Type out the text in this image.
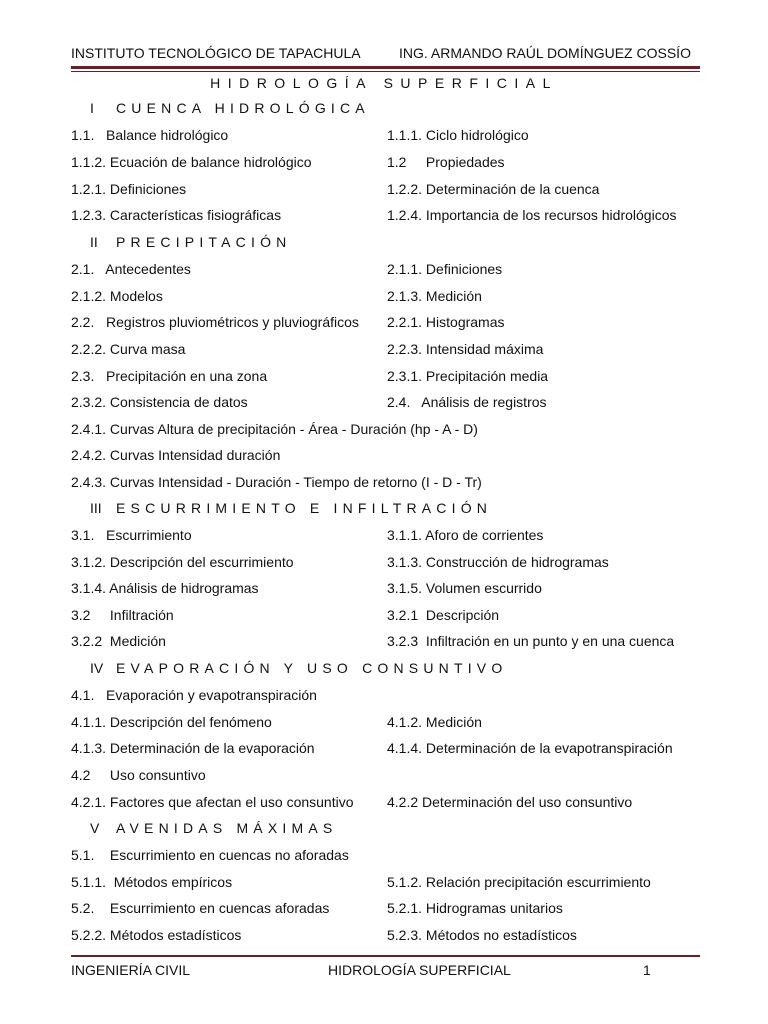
INSTITUTO TECNOLÓGICO DE TAPACHULA	ING. ARMANDO RAÚL DOMÍNGUEZ COSSÍO
HIDROLOGÍA SUPERFICIAL
I CUENCA HIDROLÓGICA
1.1.   Balance hidrológico	1.1.1. Ciclo hidrológico
1.1.2. Ecuación de balance hidrológico	1.2     Propiedades
1.2.1. Definiciones	1.2.2. Determinación de la cuenca
1.2.3. Características fisiográficas	1.2.4. Importancia de los recursos hidrológicos
II PRECIPITACIÓN
2.1.   Antecedentes	2.1.1. Definiciones
2.1.2. Modelos	2.1.3. Medición
2.2.   Registros pluviométricos y pluviográficos 2.2.1. Histogramas
2.2.2. Curva masa	2.2.3. Intensidad máxima
2.3.   Precipitación en una zona	2.3.1. Precipitación media
2.3.2. Consistencia de datos	2.4.   Análisis de registros
2.4.1. Curvas Altura de precipitación - Área - Duración (hp - A - D)
2.4.2. Curvas Intensidad duración
2.4.3. Curvas Intensidad - Duración - Tiempo de retorno (I - D - Tr)
III ESCURRIMIENTO E INFILTRACIÓN
3.1.   Escurrimiento	3.1.1. Aforo de corrientes
3.1.2. Descripción del escurrimiento	3.1.3. Construcción de hidrogramas
3.1.4. Análisis de hidrogramas	3.1.5. Volumen escurrido
3.2     Infiltración	3.2.1  Descripción
3.2.2  Medición	3.2.3  Infiltración en un punto y en una cuenca
IV EVAPORACIÓN Y USO CONSUNTIVO
4.1.   Evaporación y evapotranspiración
4.1.1. Descripción del fenómeno	4.1.2. Medición
4.1.3. Determinación de la evaporación	4.1.4. Determinación de la evapotranspiración
4.2     Uso consuntivo
4.2.1. Factores que afectan el uso consuntivo 4.2.2 Determinación del uso consuntivo
V AVENIDAS MÁXIMAS
5.1.    Escurrimiento en cuencas no aforadas
5.1.1.  Métodos empíricos	5.1.2. Relación precipitación escurrimiento
5.2.    Escurrimiento en cuencas aforadas	5.2.1. Hidrogramas unitarios
5.2.2. Métodos estadísticos	5.2.3. Métodos no estadísticos
INGENIERÍA CIVIL	HIDROLOGÍA SUPERFICIAL	1
